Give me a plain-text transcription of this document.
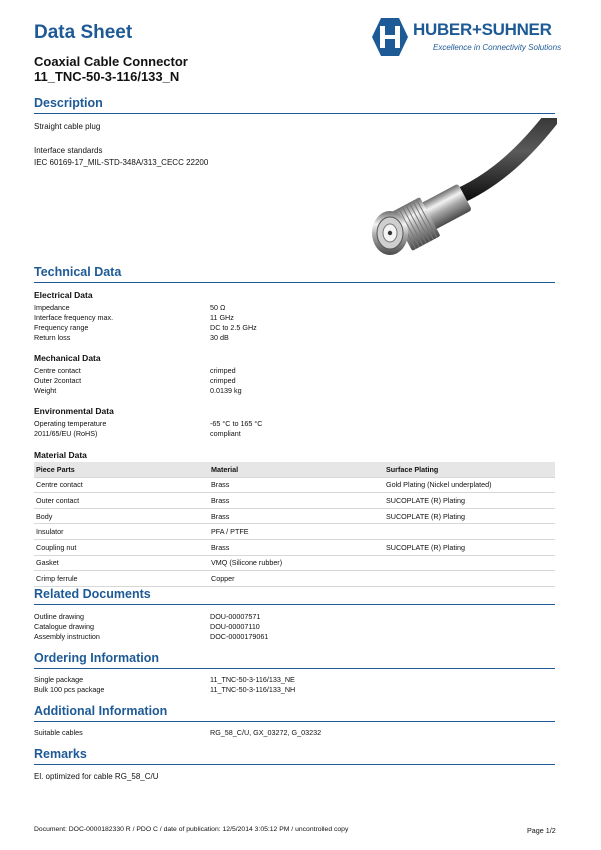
Data Sheet
Coaxial Cable Connector
11_TNC-50-3-116/133_N
HUBER+SUHNER
Excellence in Connectivity Solutions
Description
Straight cable plug
Interface standards
IEC 60169-17_MIL-STD-348A/313_CECC 22200
Technical Data
Electrical Data
Impedance	50 Ω
Interface frequency max.	11 GHz
Frequency range	DC to 2.5 GHz
Return loss	30 dB
Mechanical Data
Centre contact	crimped
Outer 2contact	crimped
Weight	0.0139 kg
Environmental Data
Operating temperature	-65 °C to 165 °C
2011/65/EU (RoHS)	compliant
Material Data
Piece Parts	Material	Surface Plating
Centre contact	Brass	Gold Plating (Nickel underplated)
Outer contact	Brass	SUCOPLATE (R) Plating
Body	Brass	SUCOPLATE (R) Plating
Insulator	PFA / PTFE
Coupling nut	Brass	SUCOPLATE (R) Plating
Gasket	VMQ (Silicone rubber)
Crimp ferrule	Copper
Related Documents
Outline drawing	DOU-00007571
Catalogue drawing	DOU-00007110
Assembly instruction	DOC-0000179061
Ordering Information
Single package	11_TNC-50-3-116/133_NE
Bulk 100 pcs package	11_TNC-50-3-116/133_NH
Additional Information
Suitable cables	RG_58_C/U, GX_03272, G_03232
Remarks
El. optimized for cable RG_58_C/U
Document: DOC-0000182330 R / PDO C / date of publication: 12/5/2014 3:05:12 PM / uncontrolled copy	Page 1/2
